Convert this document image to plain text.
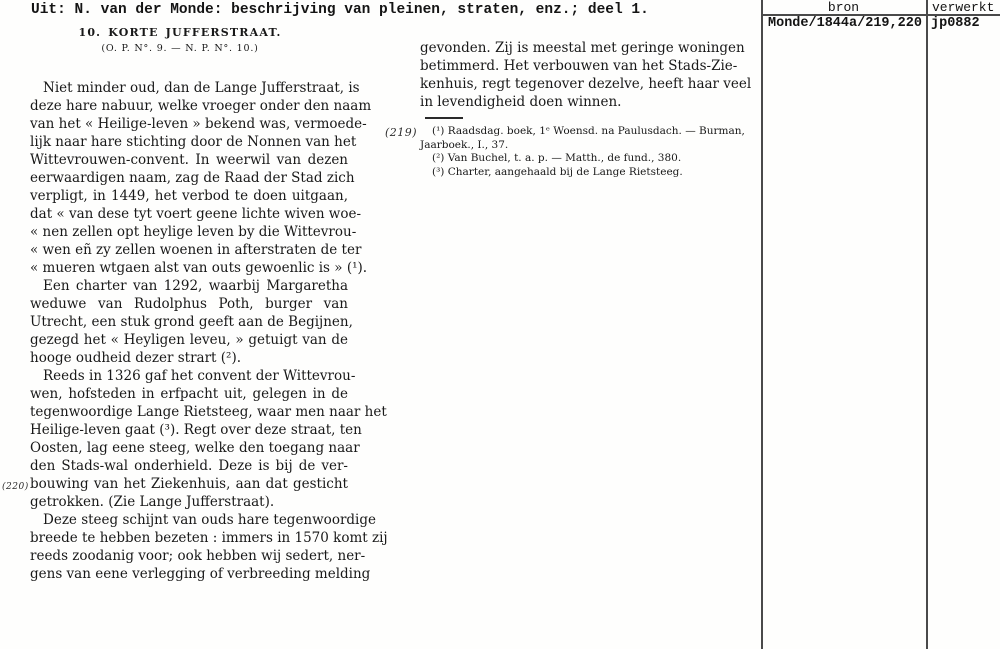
Uit: N. van der Monde: beschrijving van pleinen, straten, enz.; deel 1.	bron	verwerkt
Monde/1844a/219,220 jp0882
10. KORTE JUFFERSTRAAT.
(O. P. N°. 9. — N. P. N°. 10.)
Niet minder oud, dan de Lange Jufferstraat, is
deze hare nabuur, welke vroeger onder den naam
van het « Heilige-leven » bekend was, vermoede-
lijk naar hare stichting door de Nonnen van het
Wittevrouwen-convent. In weerwil van dezen
eerwaardigen naam, zag de Raad der Stad zich
verpligt, in 1449, het verbod te doen uitgaan,
dat « van dese tyt voert geene lichte wiven woe-
« nen zellen opt heylige leven by die Wittevrou-
« wen eñ zy zellen woenen in afterstraten de ter
« mueren wtgaen alst van outs gewoenlic is » (¹).
Een charter van 1292, waarbij Margaretha
weduwe van Rudolphus Poth, burger van
Utrecht, een stuk grond geeft aan de Begijnen,
gezegd het « Heyligen leveu, » getuigt van de
hooge oudheid dezer strart (²).
Reeds in 1326 gaf het convent der Wittevrou-
wen, hofsteden in erfpacht uit, gelegen in de
tegenwoordige Lange Rietsteeg, waar men naar het
Heilige-leven gaat (³). Regt over deze straat, ten
Oosten, lag eene steeg, welke den toegang naar
den Stads-wal onderhield. Deze is bij de ver-
(220) bouwing van het Ziekenhuis, aan dat gesticht
getrokken. (Zie Lange Jufferstraat).
Deze steeg schijnt van ouds hare tegenwoordige
breede te hebben bezeten : immers in 1570 komt zij
reeds zoodanig voor; ook hebben wij sedert, ner-
gens van eene verlegging of verbreeding melding
gevonden. Zij is meestal met geringe woningen
betimmerd. Het verbouwen van het Stads-Zie-
kenhuis, regt tegenover dezelve, heeft haar veel
in levendigheid doen winnen.
(219) (¹) Raadsdag. boek, 1ᵉ Woensd. na Paulusdach. — Burman,
Jaarboek., I., 37.
(²) Van Buchel, t. a. p. — Matth., de fund., 380.
(³) Charter, aangehaald bij de Lange Rietsteeg.
